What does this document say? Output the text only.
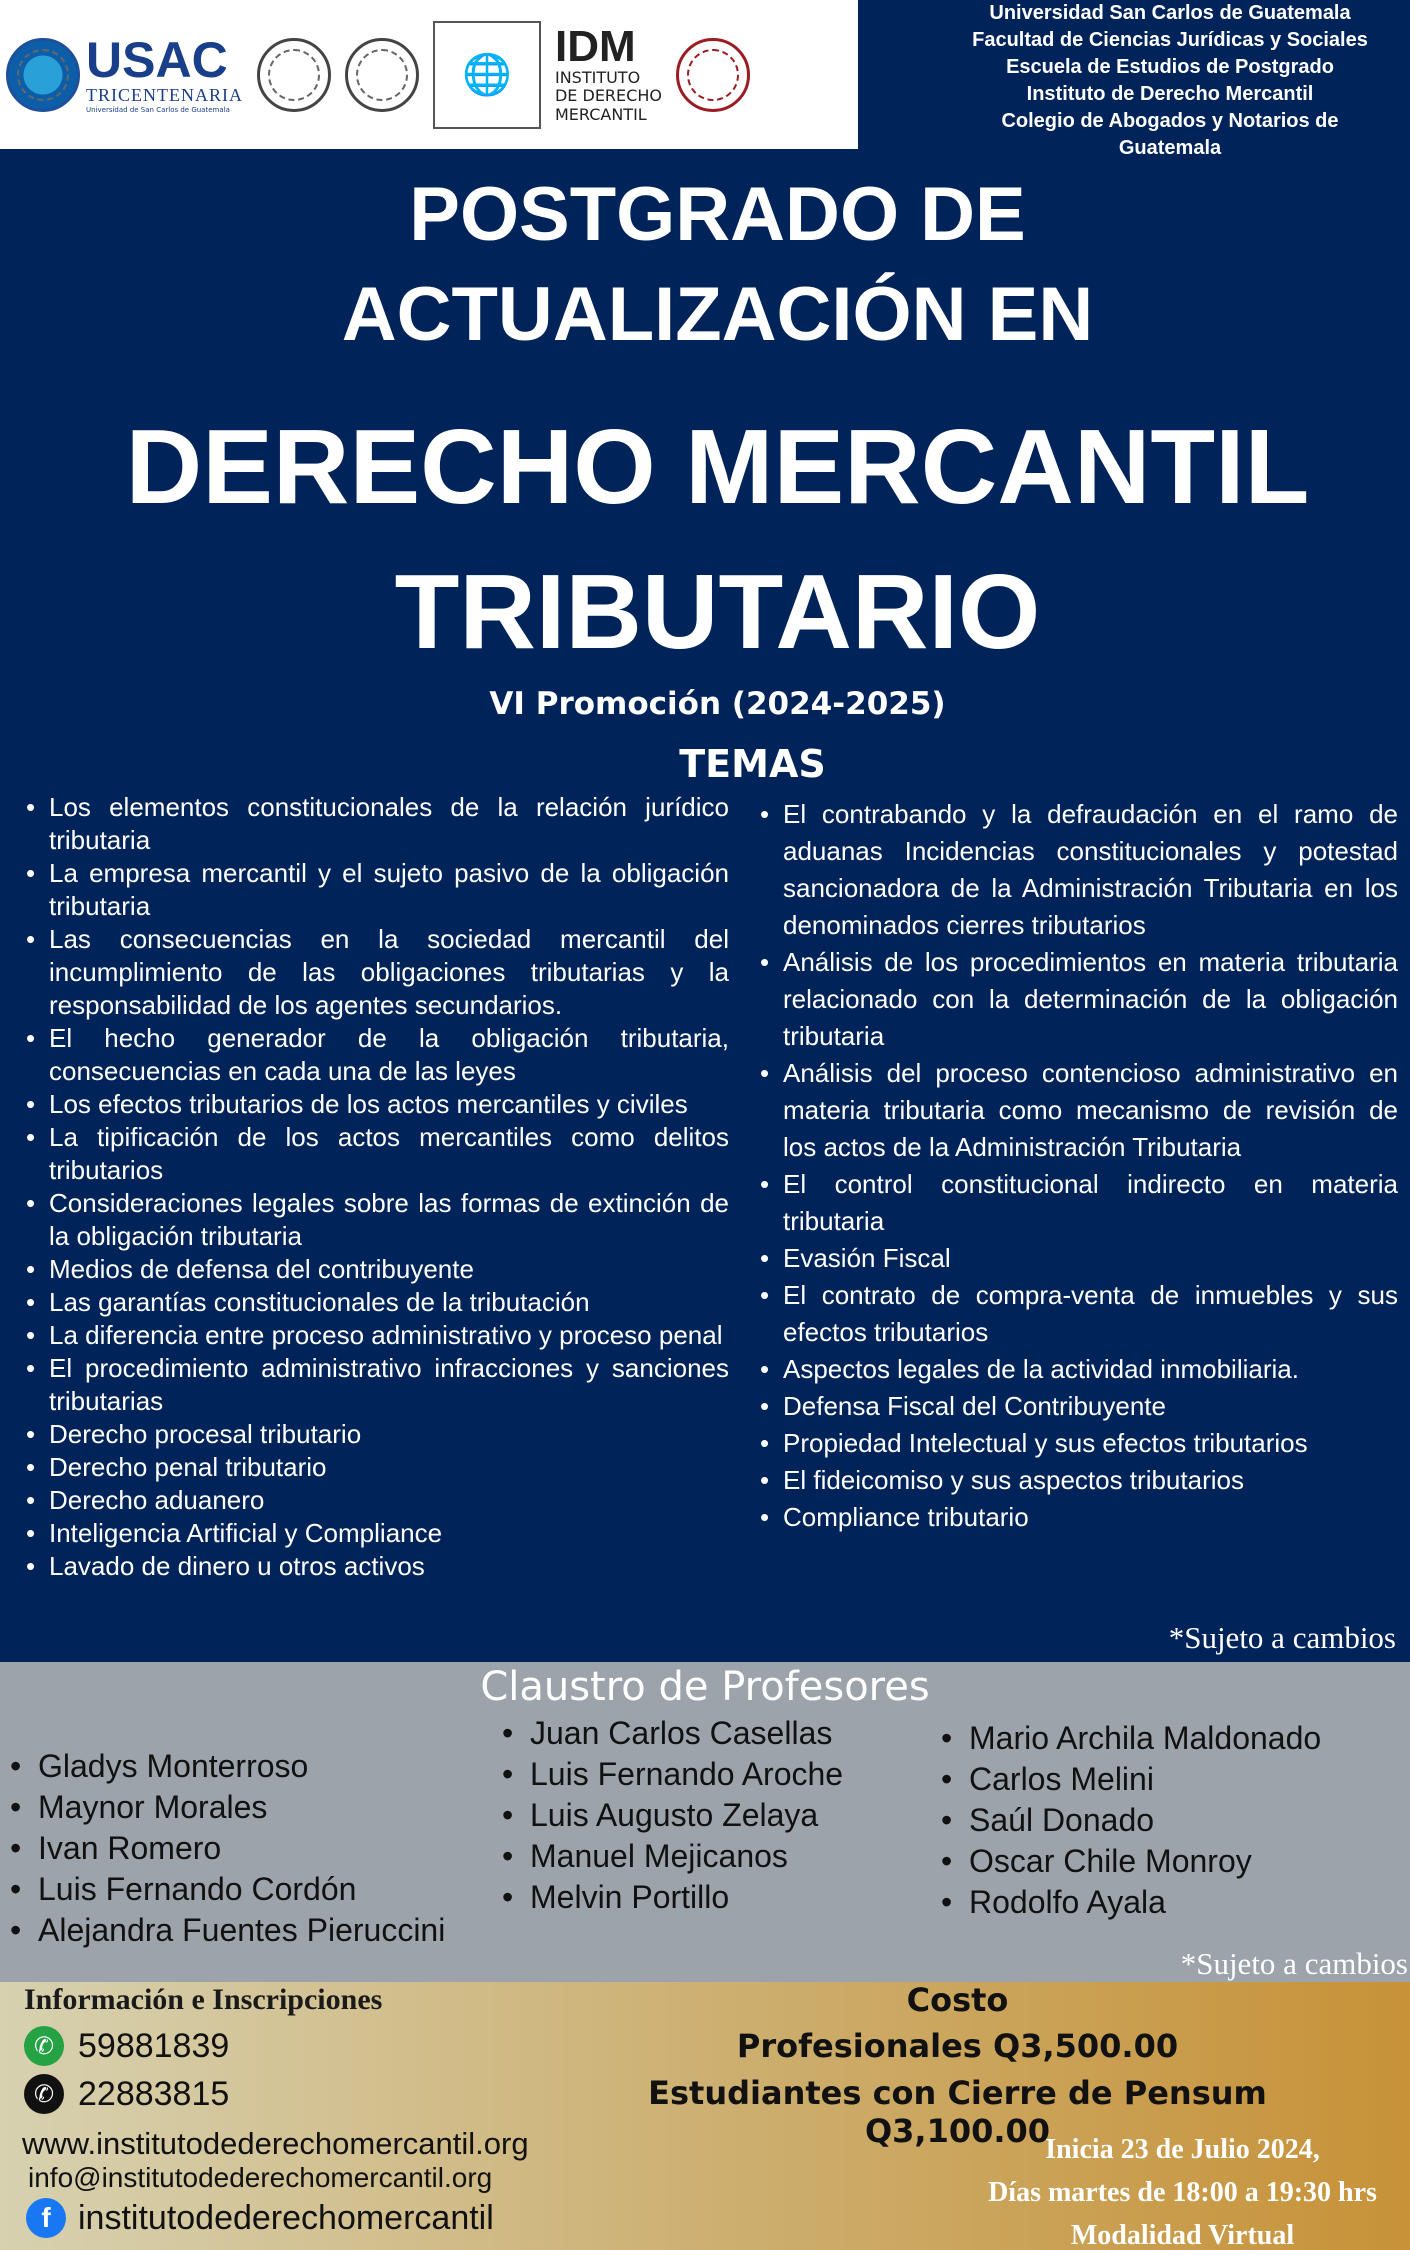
USAC
TRICENTENARIA
Universidad de San Carlos de Guatemala
🌐
IDM
INSTITUTO
DE DERECHO
MERCANTIL
Universidad San Carlos de Guatemala
Facultad de Ciencias Jurídicas y Sociales
Escuela de Estudios de Postgrado
Instituto de Derecho Mercantil
Colegio de Abogados y Notarios de
Guatemala
POSTGRADO DE
ACTUALIZACIÓN EN
DERECHO MERCANTIL
TRIBUTARIO
VI Promoción (2024-2025)
TEMAS
• Los elementos constitucionales de la relación jurídico tributaria
• La empresa mercantil y el sujeto pasivo de la obligación tributaria
• Las consecuencias en la sociedad mercantil del incumplimiento de las obligaciones tributarias y la responsabilidad de los agentes secundarios.
• El hecho generador de la obligación tributaria, consecuencias en cada una de las leyes
• Los efectos tributarios de los actos mercantiles y civiles
• La tipificación de los actos mercantiles como delitos tributarios
• Consideraciones legales sobre las formas de extinción de la obligación tributaria
• Medios de defensa del contribuyente
• Las garantías constitucionales de la tributación
• La diferencia entre proceso administrativo y proceso penal
• El procedimiento administrativo infracciones y sanciones tributarias
• Derecho procesal tributario
• Derecho penal tributario
• Derecho aduanero
• Inteligencia Artificial y Compliance
• Lavado de dinero u otros activos
• El contrabando y la defraudación en el ramo de aduanas Incidencias constitucionales y potestad sancionadora de la Administración Tributaria en los denominados cierres tributarios
• Análisis de los procedimientos en materia tributaria relacionado con la determinación de la obligación tributaria
• Análisis del proceso contencioso administrativo en materia tributaria como mecanismo de revisión de los actos de la Administración Tributaria
• El control constitucional indirecto en materia tributaria
• Evasión Fiscal
• El contrato de compra-venta de inmuebles y sus efectos tributarios
• Aspectos legales de la actividad inmobiliaria.
• Defensa Fiscal del Contribuyente
• Propiedad Intelectual y sus efectos tributarios
• El fideicomiso y sus aspectos tributarios
• Compliance tributario
*Sujeto a cambios
Claustro de Profesores
• Gladys Monterroso
• Maynor Morales
• Ivan Romero
• Luis Fernando Cordón
• Alejandra Fuentes Pieruccini
• Juan Carlos Casellas
• Luis Fernando Aroche
• Luis Augusto Zelaya
• Manuel Mejicanos
• Melvin Portillo
• Mario Archila Maldonado
• Carlos Melini
• Saúl Donado
• Oscar Chile Monroy
• Rodolfo Ayala
*Sujeto a cambios
Información e Inscripciones
✆ 59881839
✆ 22883815
www.institutodederechomercantil.org
info@institutodederechomercantil.org
f institutodederechomercantil
Costo
Profesionales Q3,500.00
Estudiantes con Cierre de Pensum Q3,100.00
Inicia 23 de Julio 2024,
Días martes de 18:00 a 19:30 hrs
Modalidad Virtual
